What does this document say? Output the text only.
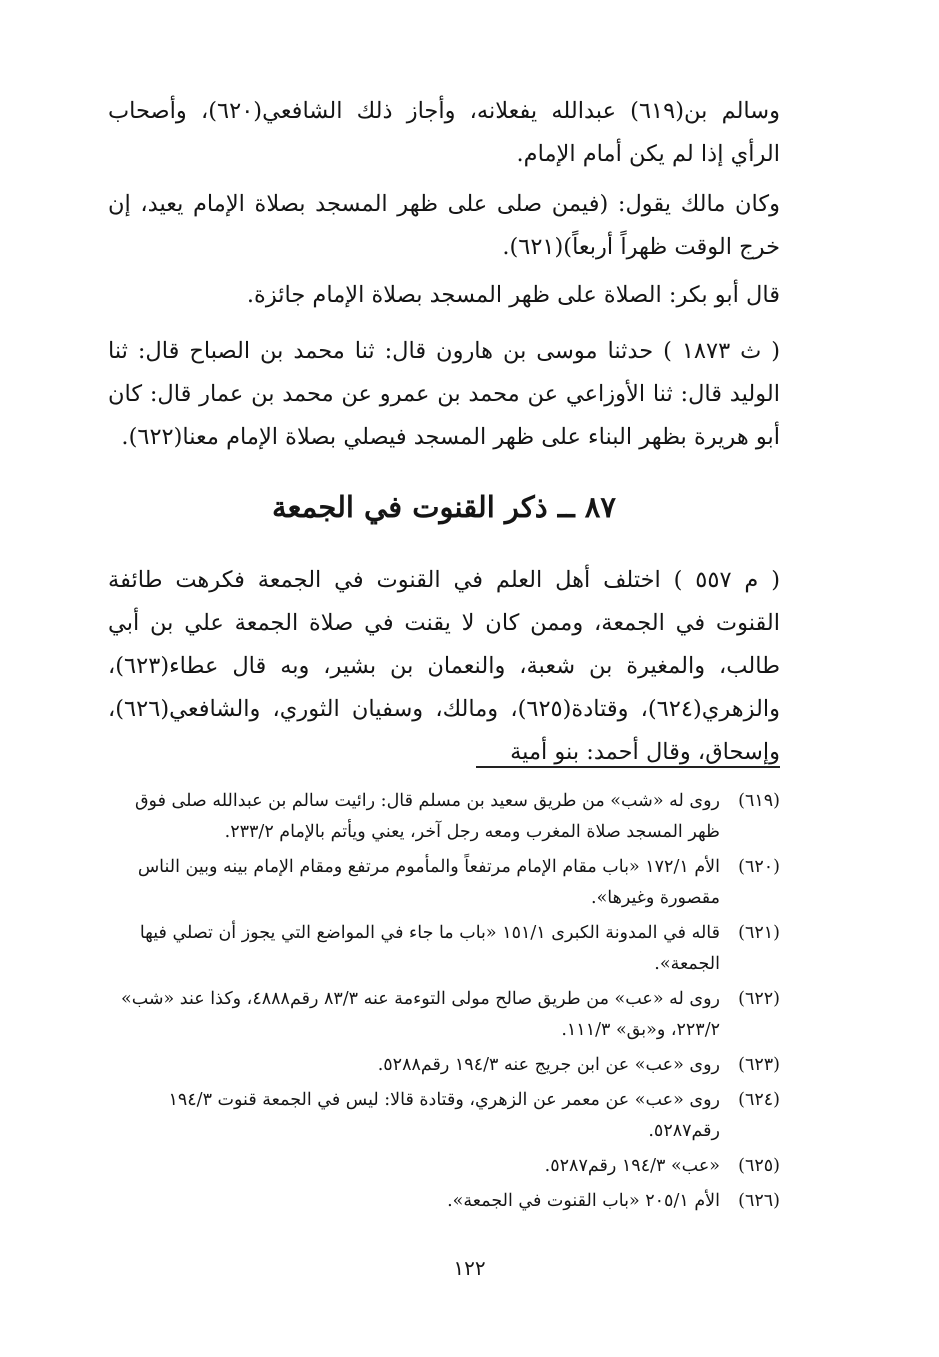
وسالم بن(٦١٩) عبدالله يفعلانه، وأجاز ذلك الشافعي(٦٢٠)، وأصحاب الرأي إذا لم يكن أمام الإمام.
وكان مالك يقول: (فيمن صلى على ظهر المسجد بصلاة الإمام يعيد، إن خرج الوقت ظهراً أربعاً)(٦٢١).
قال أبو بكر: الصلاة على ظهر المسجد بصلاة الإمام جائزة.
( ث ١٨٧٣ ) حدثنا موسى بن هارون قال: ثنا محمد بن الصباح قال: ثنا الوليد قال: ثنا الأوزاعي عن محمد بن عمرو عن محمد بن عمار قال: كان أبو هريرة بظهر البناء على ظهر المسجد فيصلي بصلاة الإمام معنا(٦٢٢).
٨٧ ــ ذكر القنوت في الجمعة
( م ٥٥٧ ) اختلف أهل العلم في القنوت في الجمعة فكرهت طائفة القنوت في الجمعة، وممن كان لا يقنت في صلاة الجمعة علي بن أبي طالب، والمغيرة بن شعبة، والنعمان بن بشير، وبه قال عطاء(٦٢٣)، والزهري(٦٢٤)، وقتادة(٦٢٥)، ومالك، وسفيان الثوري، والشافعي(٦٢٦)، وإسحاق، وقال أحمد: بنو أمية
(٦١٩)
روى له «شب» من طريق سعيد بن مسلم قال: رائيت سالم بن عبدالله صلى فوق ظهر المسجد صلاة المغرب ومعه رجل آخر، يعني ويأتم بالإمام ٢٣٣/٢.
(٦٢٠)
الأم ١٧٢/١ «باب مقام الإمام مرتفعاً والمأموم مرتفع ومقام الإمام بينه وبين الناس مقصورة وغيرها».
(٦٢١)
قاله في المدونة الكبرى ١٥١/١ «باب ما جاء في المواضع التي يجوز أن تصلي فيها الجمعة».
(٦٢٢)
روى له «عب» من طريق صالح مولى التوءمة عنه ٨٣/٣ رقم٤٨٨٨، وكذا عند «شب» ٢٢٣/٢، و«بق» ١١١/٣.
(٦٢٣)
روى «عب» عن ابن جريج عنه ١٩٤/٣ رقم٥٢٨٨.
(٦٢٤)
روى «عب» عن معمر عن الزهري، وقتادة قالا: ليس في الجمعة قنوت ١٩٤/٣ رقم٥٢٨٧.
(٦٢٥)
«عب» ١٩٤/٣ رقم٥٢٨٧.
(٦٢٦)
الأم ٢٠٥/١ «باب القنوت في الجمعة».
١٢٢
